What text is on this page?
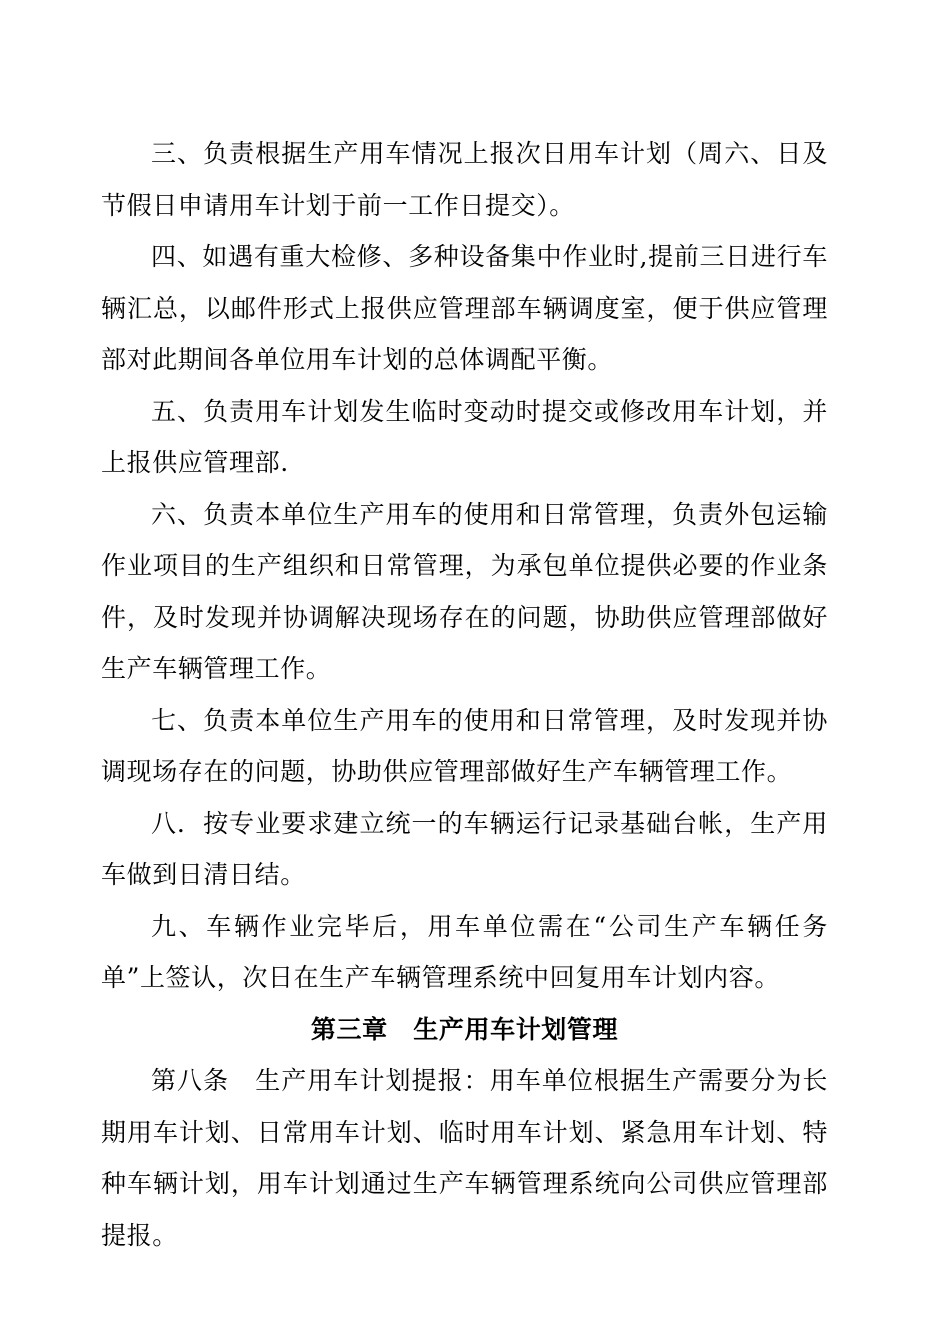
三、负责根据生产用车情况上报次日用车计划（周六、日及节假日申请用车计划于前一工作日提交）。

四、如遇有重大检修、多种设备集中作业时,提前三日进行车辆汇总，以邮件形式上报供应管理部车辆调度室，便于供应管理部对此期间各单位用车计划的总体调配平衡。

五、负责用车计划发生临时变动时提交或修改用车计划，并上报供应管理部.

六、负责本单位生产用车的使用和日常管理，负责外包运输作业项目的生产组织和日常管理，为承包单位提供必要的作业条件，及时发现并协调解决现场存在的问题，协助供应管理部做好生产车辆管理工作。

七、负责本单位生产用车的使用和日常管理，及时发现并协调现场存在的问题，协助供应管理部做好生产车辆管理工作。

八．按专业要求建立统一的车辆运行记录基础台帐，生产用车做到日清日结。

九、车辆作业完毕后，用车单位需在“公司生产车辆任务单”上签认，次日在生产车辆管理系统中回复用车计划内容。

第三章　生产用车计划管理

第八条　生产用车计划提报：用车单位根据生产需要分为长期用车计划、日常用车计划、临时用车计划、紧急用车计划、特种车辆计划，用车计划通过生产车辆管理系统向公司供应管理部提报。
